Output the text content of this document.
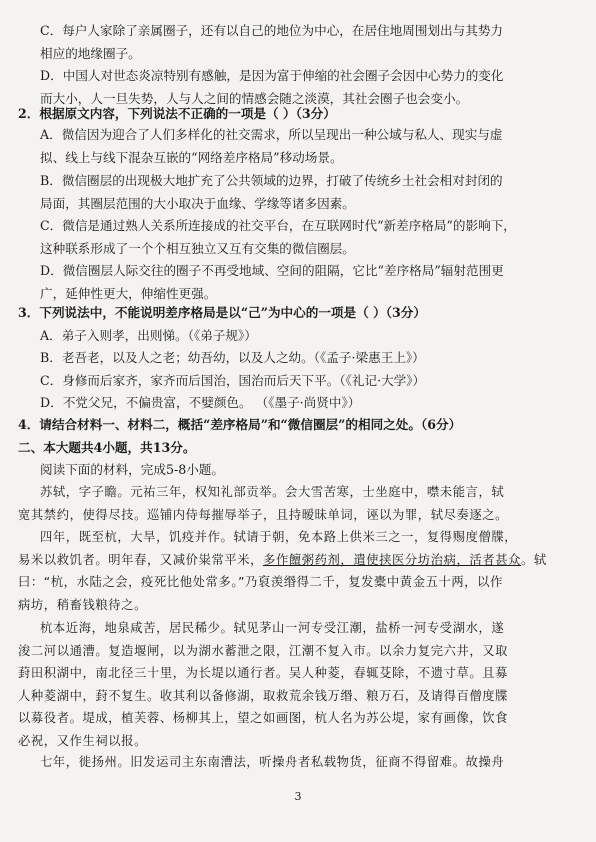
C．每户人家除了亲属圈子，还有以自己的地位为中心，在居住地周围划出与其势力
相应的地缘圈子。
D．中国人对世态炎凉特别有感触，是因为富于伸缩的社会圈子会因中心势力的变化
而大小，人一旦失势，人与人之间的情感会随之淡漠，其社会圈子也会变小。
2．根据原文内容，下列说法不正确的一项是（ ）（3分）
A．微信因为迎合了人们多样化的社交需求，所以呈现出一种公域与私人、现实与虚
拟、线上与线下混杂互嵌的“网络差序格局”移动场景。
B．微信圈层的出现极大地扩充了公共领域的边界，打破了传统乡土社会相对封闭的
局面，其圈层范围的大小取决于血缘、学缘等诸多因素。
C．微信是通过熟人关系所连接成的社交平台，在互联网时代“新差序格局”的影响下，
这种联系形成了一个个相互独立又互有交集的微信圈层。
D．微信圈层人际交往的圈子不再受地域、空间的阻隔，它比“差序格局”辐射范围更
广，延伸性更大，伸缩性更强。
3．下列说法中，不能说明差序格局是以“己”为中心的一项是（ ）（3分）
A．弟子入则孝，出则悌。（《弟子规》）
B．老吾老，以及人之老；幼吾幼，以及人之幼。（《孟子·梁惠王上》）
C．身修而后家齐，家齐而后国治，国治而后天下平。（《礼记·大学》）
D．不党父兄，不偏贵富，不嬖颜色。 （《墨子·尚贤中》）
4．请结合材料一、材料二，概括“差序格局”和“微信圈层”的相同之处。（6分）
二、本大题共4小题，共13分。
阅读下面的材料，完成5-8小题。
苏轼，字子瞻。元祐三年，权知礼部贡举。会大雪苦寒，士坐庭中，噤未能言，轼
宽其禁约，使得尽技。巡铺内侍每摧辱举子，且持暧昧单词，诬以为罪，轼尽奏逐之。
四年，既至杭，大旱，饥疫并作。轼请于朝，免本路上供米三之一，复得赐度僧牒，
易米以救饥者。明年春，又减价粜常平米，多作饘粥药剂，遣使挟医分坊治病，活者甚众。轼
曰：“杭，水陆之会，疫死比他处常多。”乃裒羡缗得二千，复发橐中黄金五十两，以作
病坊，稍畜钱粮待之。
杭本近海，地泉咸苦，居民稀少。轼见茅山一河专受江潮，盐桥一河专受湖水，遂
浚二河以通漕。复造堰闸，以为湖水蓄泄之限，江潮不复入市。以余力复完六井，又取
葑田积湖中，南北径三十里，为长堤以通行者。吴人种菱，春辄芟除，不遗寸草。且募
人种菱湖中，葑不复生。收其利以备修湖，取救荒余钱万缗、粮万石，及请得百僧度牒
以募役者。堤成，植芙蓉、杨柳其上，望之如画图，杭人名为苏公堤，家有画像，饮食
必祝，又作生祠以报。
七年，徙扬州。旧发运司主东南漕法，听操舟者私载物货，征商不得留难。故操舟
3
